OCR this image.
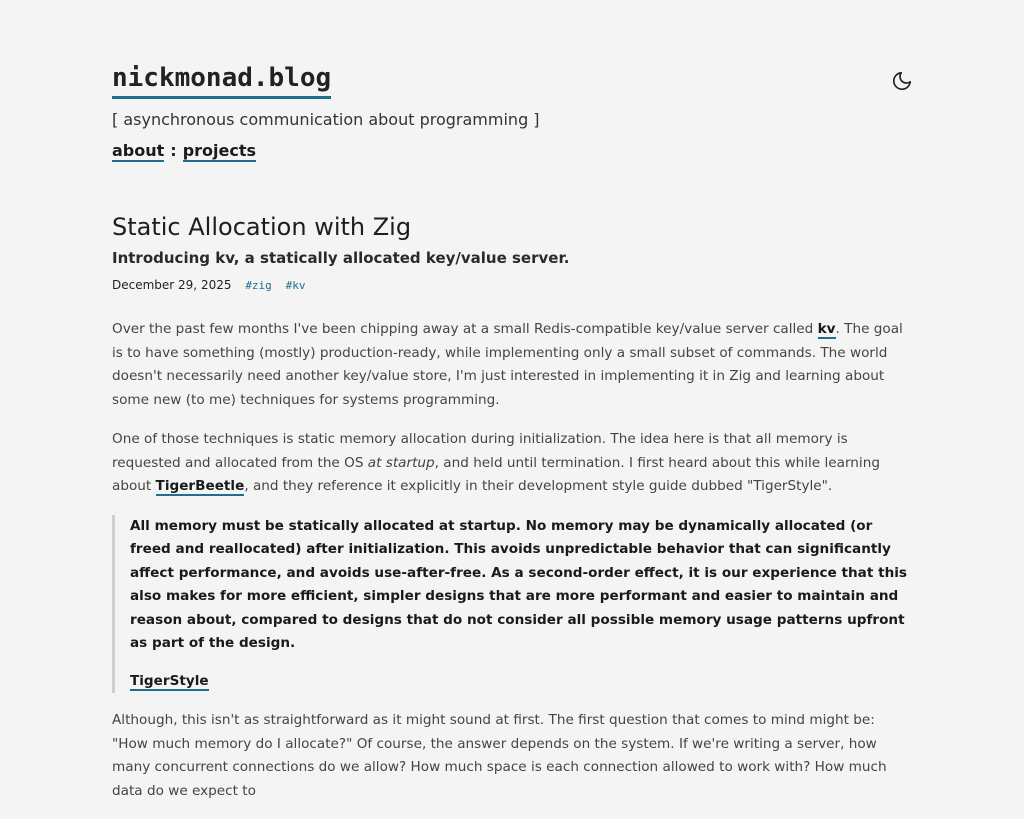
nickmonad.blog
[ asynchronous communication about programming ]
about : projects
Static Allocation with Zig
Introducing kv, a statically allocated key/value server.
December 29, 2025 #zig #kv

Over the past few months I've been chipping away at a small Redis-compatible key/value server called kv. The goal is to have something (mostly) production-ready, while implementing only a small subset of commands. The world doesn't necessarily need another key/value store, I'm just interested in implementing it in Zig and learning about some new (to me) techniques for systems programming.

One of those techniques is static memory allocation during initialization. The idea here is that all memory is requested and allocated from the OS at startup, and held until termination. I first heard about this while learning about TigerBeetle, and they reference it explicitly in their development style guide dubbed "TigerStyle".

All memory must be statically allocated at startup. No memory may be dynamically allocated (or freed and reallocated) after initialization. This avoids unpredictable behavior that can significantly affect performance, and avoids use-after-free. As a second-order effect, it is our experience that this also makes for more efficient, simpler designs that are more performant and easier to maintain and reason about, compared to designs that do not consider all possible memory usage patterns upfront as part of the design.

TigerStyle

Although, this isn't as straightforward as it might sound at first. The first question that comes to mind might be: "How much memory do I allocate?" Of course, the answer depends on the system. If we're writing a server, how many concurrent connections do we allow? How much space is each connection allowed to work with? How much data do we expect to
